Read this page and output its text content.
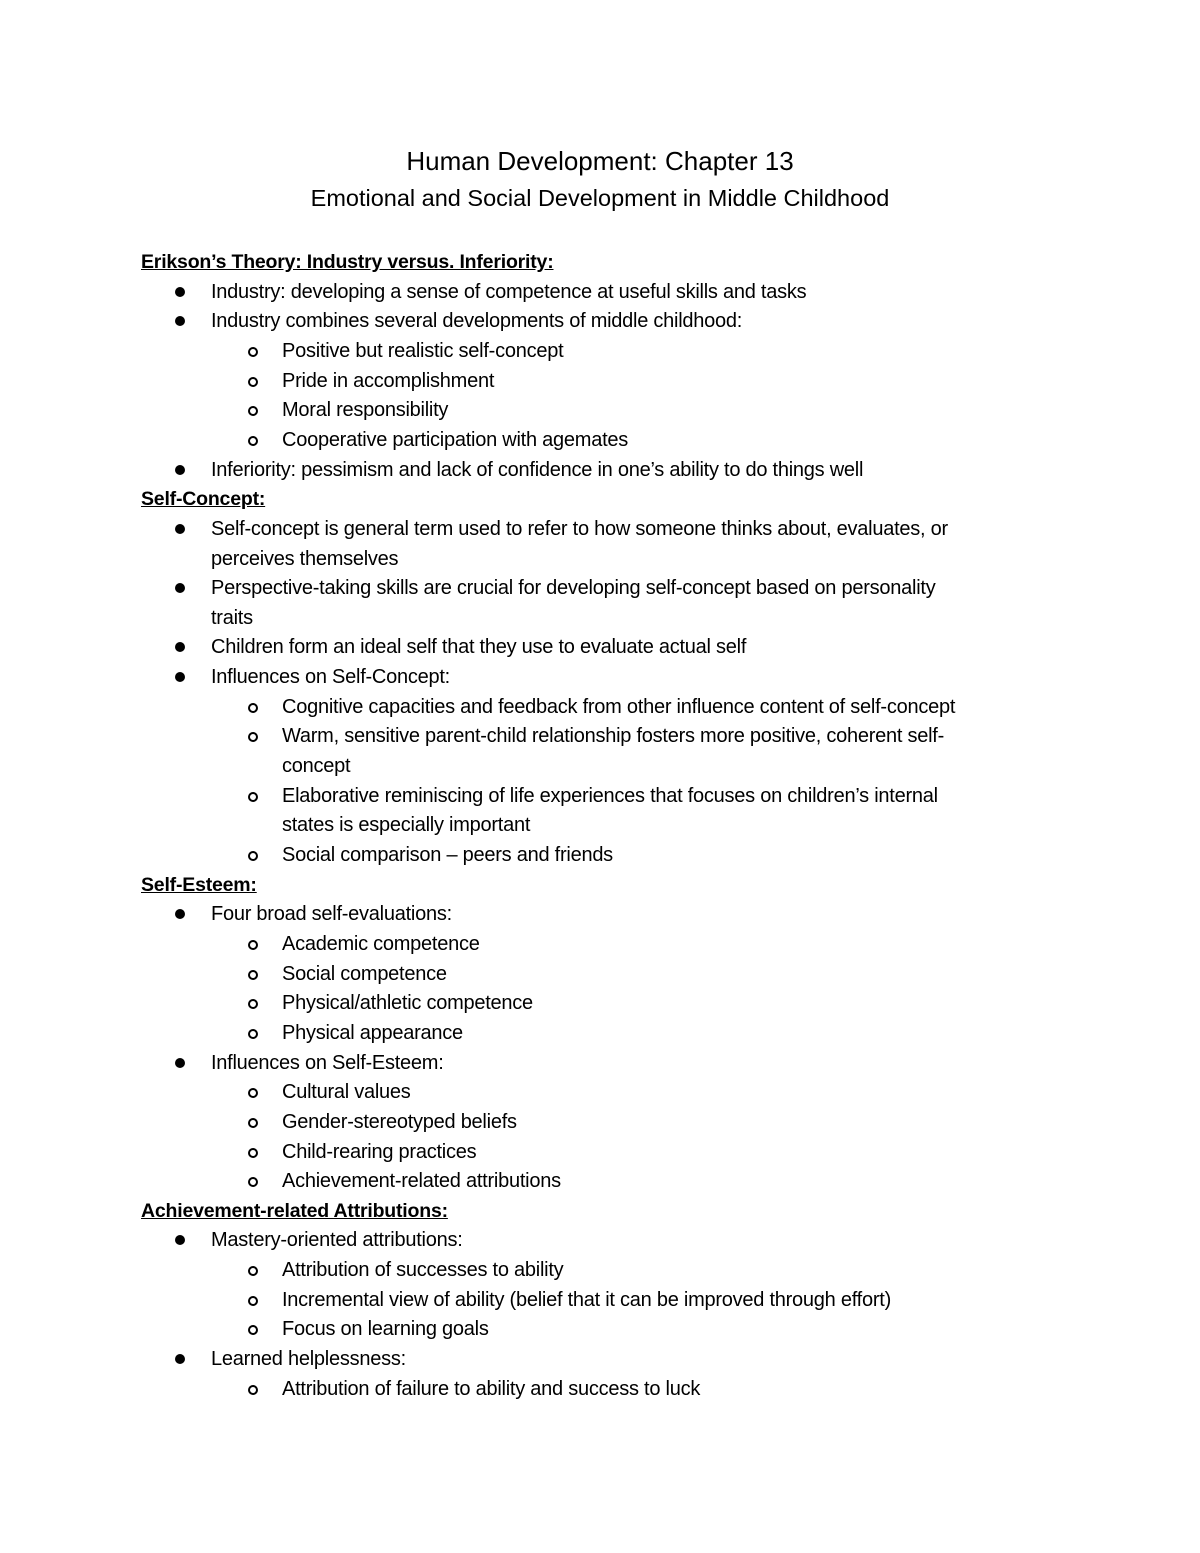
Human Development: Chapter 13
Emotional and Social Development in Middle Childhood
Erikson’s Theory: Industry versus. Inferiority:
Industry: developing a sense of competence at useful skills and tasks
Industry combines several developments of middle childhood:
Positive but realistic self-concept
Pride in accomplishment
Moral responsibility
Cooperative participation with agemates
Inferiority: pessimism and lack of confidence in one’s ability to do things well
Self-Concept:
Self-concept is general term used to refer to how someone thinks about, evaluates, or
perceives themselves
Perspective-taking skills are crucial for developing self-concept based on personality
traits
Children form an ideal self that they use to evaluate actual self
Influences on Self-Concept:
Cognitive capacities and feedback from other influence content of self-concept
Warm, sensitive parent-child relationship fosters more positive, coherent self-
concept
Elaborative reminiscing of life experiences that focuses on children’s internal
states is especially important
Social comparison – peers and friends
Self-Esteem:
Four broad self-evaluations:
Academic competence
Social competence
Physical/athletic competence
Physical appearance
Influences on Self-Esteem:
Cultural values
Gender-stereotyped beliefs
Child-rearing practices
Achievement-related attributions
Achievement-related Attributions:
Mastery-oriented attributions:
Attribution of successes to ability
Incremental view of ability (belief that it can be improved through effort)
Focus on learning goals
Learned helplessness:
Attribution of failure to ability and success to luck
